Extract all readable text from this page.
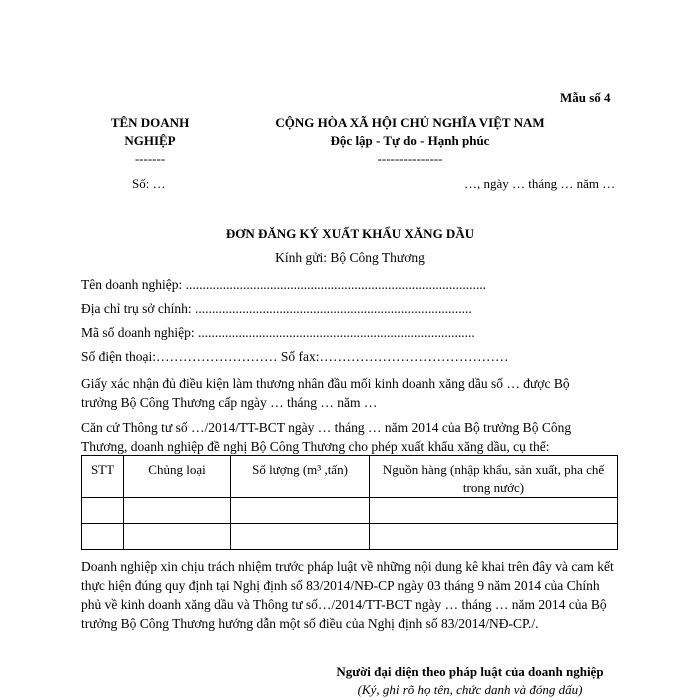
Mẫu số 4
TÊN DOANH
NGHIỆP
-------
Số: …
CỘNG HÒA XÃ HỘI CHỦ NGHĨA VIỆT NAM
Độc lập - Tự do - Hạnh phúc
---------------
…, ngày … tháng … năm …
ĐƠN ĐĂNG KÝ XUẤT KHẨU XĂNG DẦU
Kính gửi: Bộ Công Thương
Tên doanh nghiệp: .........................................................................................
Địa chỉ trụ sở chính: ..................................................................................
Mã số doanh nghiệp: ..................................................................................
Số điện thoại:……………………… Số fax:……………………………………
Giấy xác nhận đủ điều kiện làm thương nhân đầu mối kinh doanh xăng dầu số … được Bộ trưởng Bộ Công Thương cấp ngày … tháng … năm …
Căn cứ Thông tư số …/2014/TT-BCT ngày … tháng … năm 2014 của Bộ trưởng Bộ Công Thương, doanh nghiệp đề nghị Bộ Công Thương cho phép xuất khẩu xăng dầu, cụ thể:
STT	Chủng loại	Số lượng (m³ ,tấn)	Nguồn hàng (nhập khẩu, sản xuất, pha chế trong nước)

Doanh nghiệp xin chịu trách nhiệm trước pháp luật về những nội dung kê khai trên đây và cam kết thực hiện đúng quy định tại Nghị định số 83/2014/NĐ-CP ngày 03 tháng 9 năm 2014 của Chính phủ về kinh doanh xăng dầu và Thông tư số…/2014/TT-BCT ngày … tháng … năm 2014 của Bộ trưởng Bộ Công Thương hướng dẫn một số điều của Nghị định số 83/2014/NĐ-CP./.
Người đại diện theo pháp luật của doanh nghiệp
(Ký, ghi rõ họ tên, chức danh và đóng dấu)
